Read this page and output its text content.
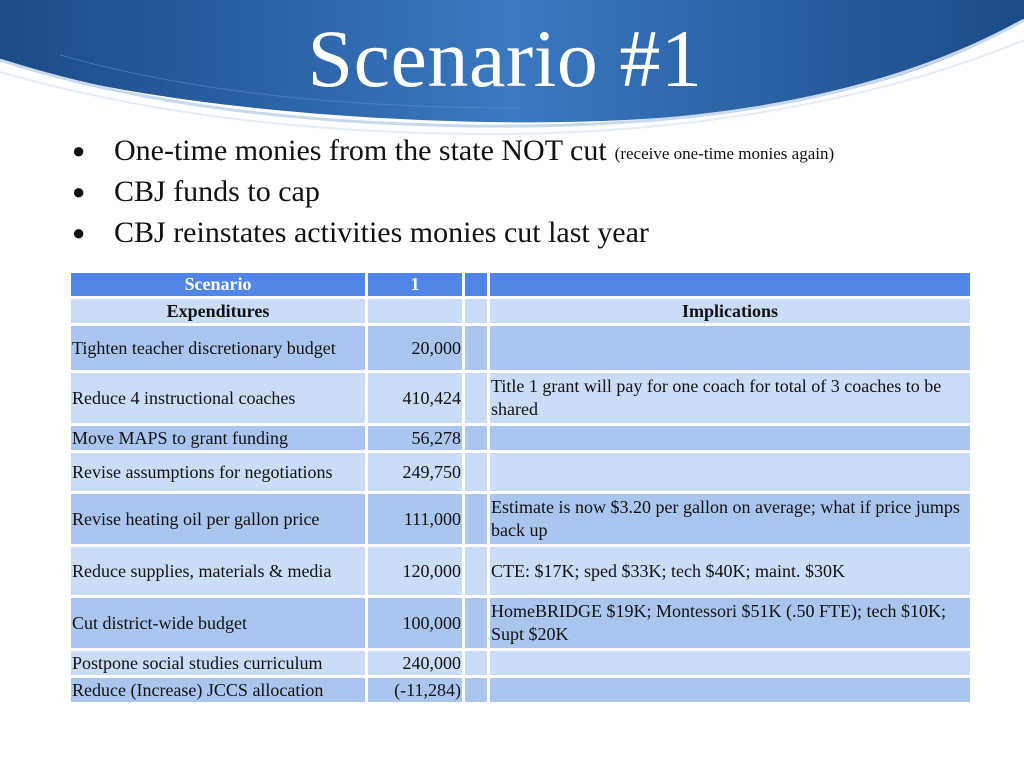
Scenario #1
● One-time monies from the state NOT cut (receive one-time monies again)
● CBJ funds to cap
● CBJ reinstates activities monies cut last year
Scenario	1		
Expenditures			Implications
Tighten teacher discretionary budget	20,000		
Reduce 4 instructional coaches	410,424		Title 1 grant will pay for one coach for total of 3 coaches to be shared
Move MAPS to grant funding	56,278		
Revise assumptions for negotiations	249,750		
Revise heating oil per gallon price	111,000		Estimate is now $3.20 per gallon on average; what if price jumps back up
Reduce supplies, materials & media	120,000		CTE: $17K; sped $33K; tech $40K; maint. $30K
Cut district-wide budget	100,000		HomeBRIDGE $19K; Montessori $51K (.50 FTE); tech $10K; Supt $20K
Postpone social studies curriculum	240,000		
Reduce (Increase) JCCS allocation	(-11,284)		
